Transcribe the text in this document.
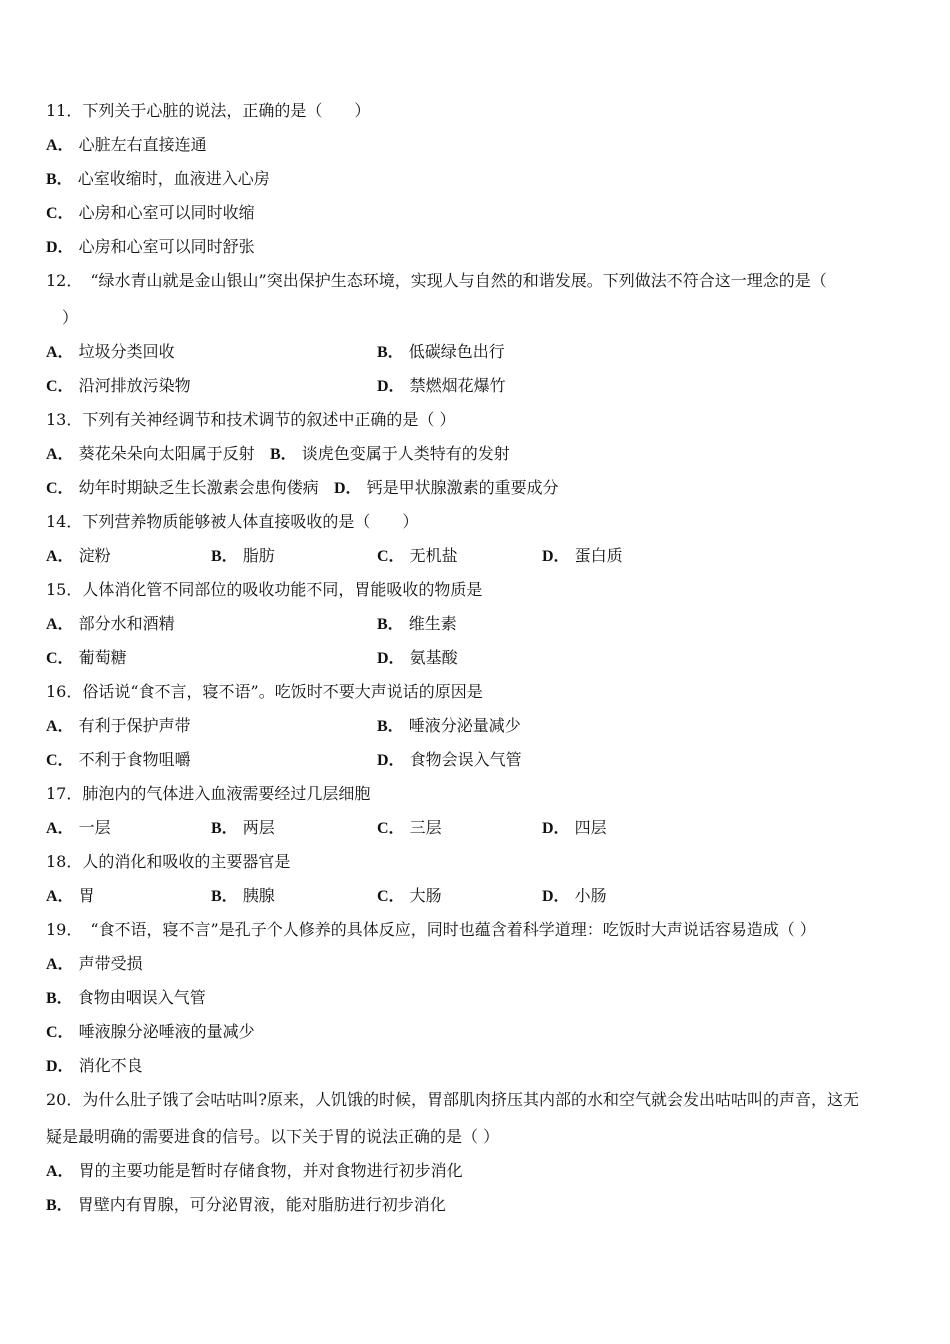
11．下列关于心脏的说法，正确的是（　　）
A． 心脏左右直接连通
B． 心室收缩时，血液进入心房
C． 心房和心室可以同时收缩
D． 心房和心室可以同时舒张
12．　“绿水青山就是金山银山”突出保护生态环境，实现人与自然的和谐发展。下列做法不符合这一理念的是（
）
A． 垃圾分类回收	B． 低碳绿色出行
C． 沿河排放污染物	D． 禁燃烟花爆竹
13．下列有关神经调节和技术调节的叙述中正确的是（ ）
A． 葵花朵朵向太阳属于反射 B． 谈虎色变属于人类特有的发射
C． 幼年时期缺乏生长激素会患佝偻病 D． 钙是甲状腺激素的重要成分
14．下列营养物质能够被人体直接吸收的是（　　）
A． 淀粉	B． 脂肪	C． 无机盐	D． 蛋白质
15．人体消化管不同部位的吸收功能不同，胃能吸收的物质是
A． 部分水和酒精	B． 维生素
C． 葡萄糖	D． 氨基酸
16．俗话说“食不言，寝不语”。吃饭时不要大声说话的原因是
A． 有利于保护声带	B． 唾液分泌量减少
C． 不利于食物咀嚼	D． 食物会误入气管
17．肺泡内的气体进入血液需要经过几层细胞
A． 一层	B． 两层	C． 三层	D． 四层
18．人的消化和吸收的主要器官是
A． 胃	B． 胰腺	C． 大肠	D． 小肠
19．　“食不语，寝不言”是孔子个人修养的具体反应，同时也蕴含着科学道理：吃饭时大声说话容易造成（ ）
A． 声带受损
B． 食物由咽误入气管
C． 唾液腺分泌唾液的量减少
D． 消化不良
20．为什么肚子饿了会咕咕叫?原来，人饥饿的时候，胃部肌肉挤压其内部的水和空气就会发出咕咕叫的声音，这无
疑是最明确的需要进食的信号。以下关于胃的说法正确的是（ ）
A． 胃的主要功能是暂时存储食物，并对食物进行初步消化
B． 胃壁内有胃腺，可分泌胃液，能对脂肪进行初步消化
